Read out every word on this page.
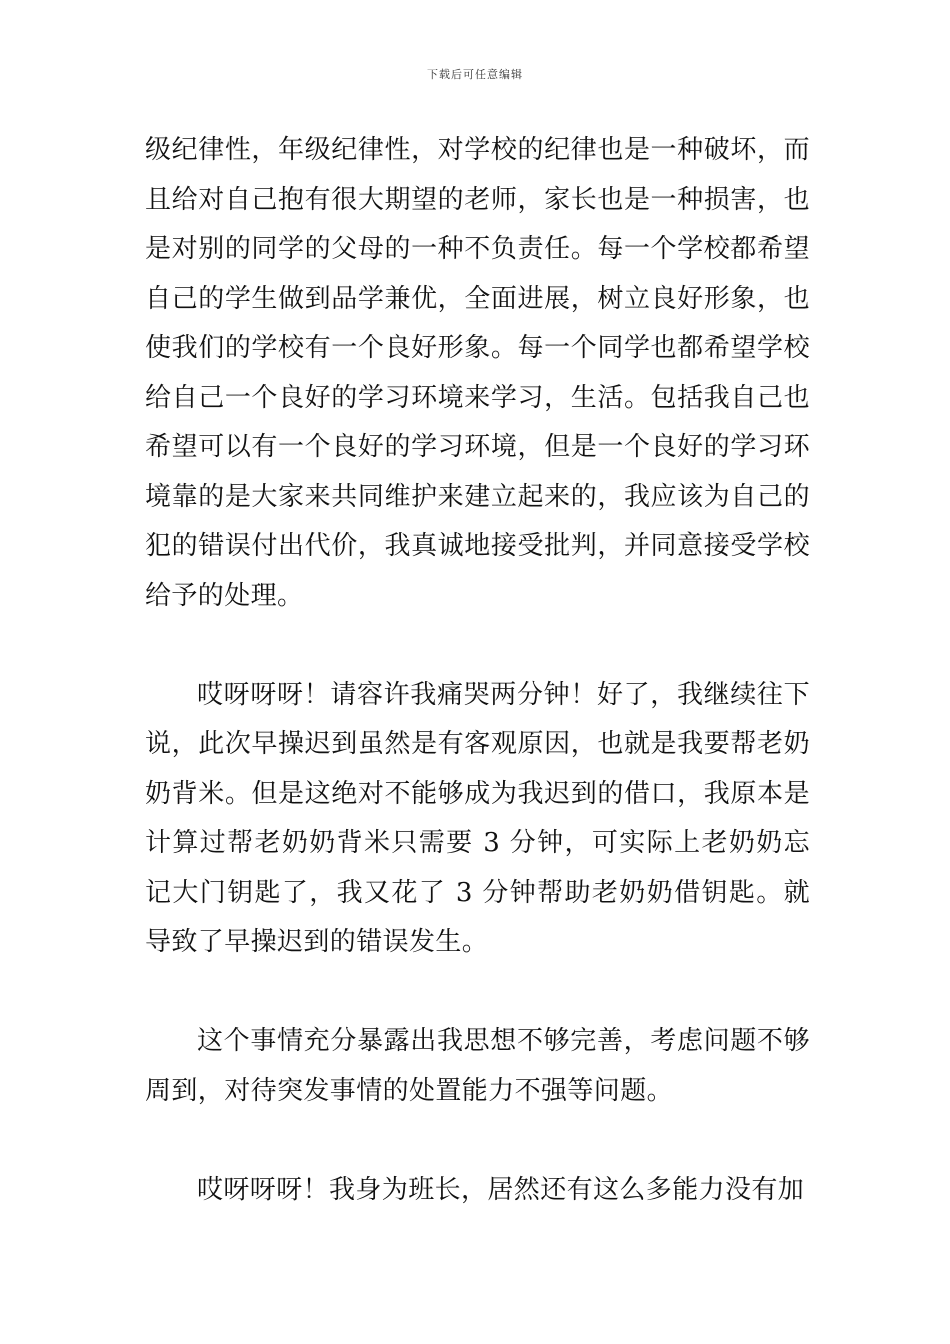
下载后可任意编辑

级纪律性，年级纪律性，对学校的纪律也是一种破坏，而且给对自己抱有很大期望的老师，家长也是一种损害，也是对别的同学的父母的一种不负责任。每一个学校都希望自己的学生做到品学兼优，全面进展，树立良好形象，也使我们的学校有一个良好形象。每一个同学也都希望学校给自己一个良好的学习环境来学习，生活。包括我自己也希望可以有一个良好的学习环境，但是一个良好的学习环境靠的是大家来共同维护来建立起来的，我应该为自己的犯的错误付出代价，我真诚地接受批判，并同意接受学校给予的处理。

哎呀呀呀！请容许我痛哭两分钟！好了，我继续往下说，此次早操迟到虽然是有客观原因，也就是我要帮老奶奶背米。但是这绝对不能够成为我迟到的借口，我原本是计算过帮老奶奶背米只需要 3 分钟，可实际上老奶奶忘记大门钥匙了，我又花了 3 分钟帮助老奶奶借钥匙。就导致了早操迟到的错误发生。

这个事情充分暴露出我思想不够完善，考虑问题不够周到，对待突发事情的处置能力不强等问题。

哎呀呀呀！我身为班长，居然还有这么多能力没有加
